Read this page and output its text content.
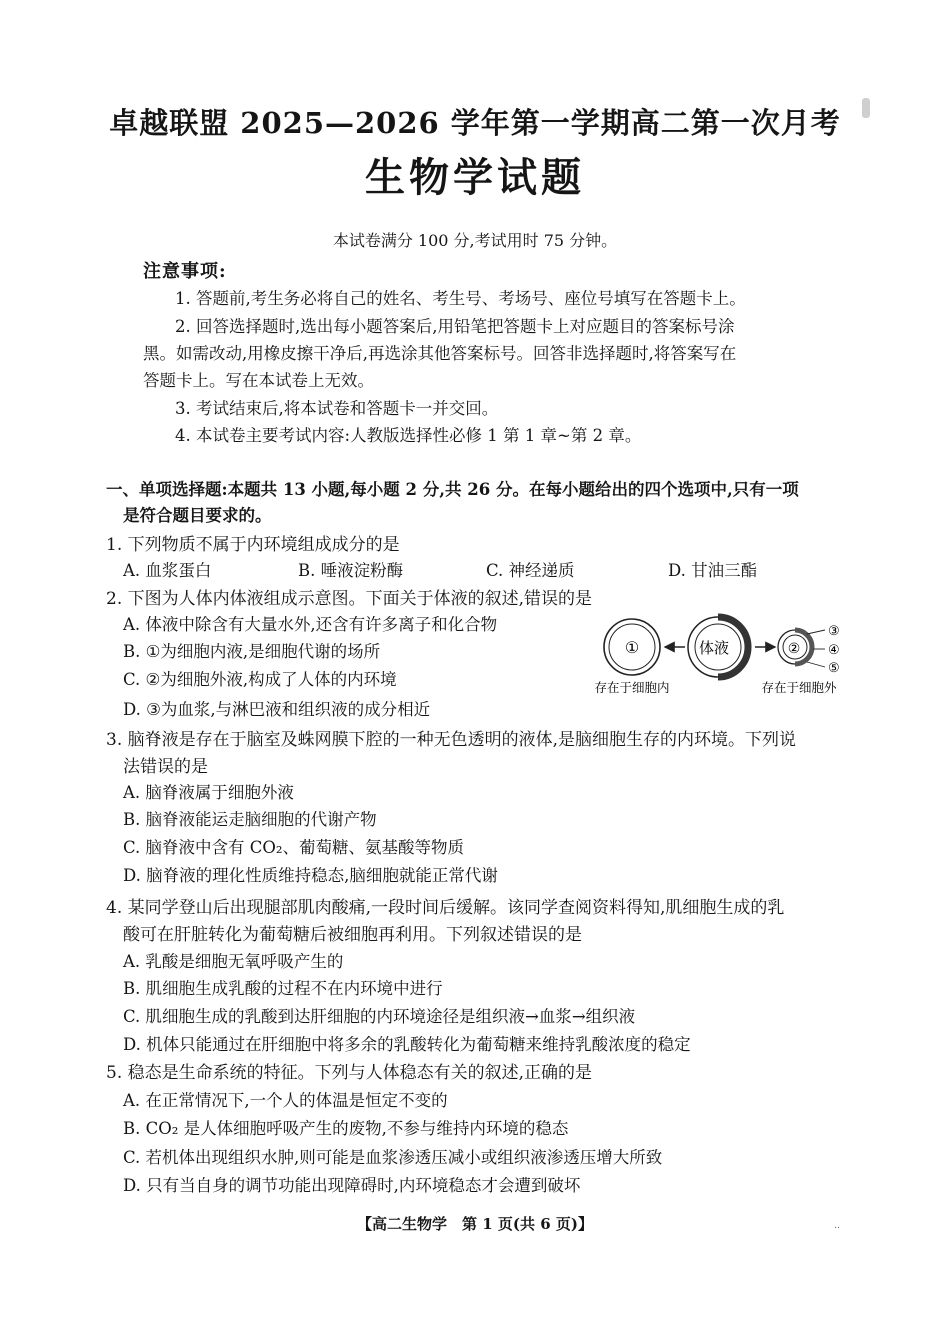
卓越联盟 2025—2026 学年第一学期高二第一次月考
生物学试题
本试卷满分 100 分,考试用时 75 分钟。
注意事项:
1. 答题前,考生务必将自己的姓名、考生号、考场号、座位号填写在答题卡上。
2. 回答选择题时,选出每小题答案后,用铅笔把答题卡上对应题目的答案标号涂
黑。如需改动,用橡皮擦干净后,再选涂其他答案标号。回答非选择题时,将答案写在
答题卡上。写在本试卷上无效。
3. 考试结束后,将本试卷和答题卡一并交回。
4. 本试卷主要考试内容:人教版选择性必修 1 第 1 章~第 2 章。
一、单项选择题:本题共 13 小题,每小题 2 分,共 26 分。在每小题给出的四个选项中,只有一项
是符合题目要求的。
1. 下列物质不属于内环境组成成分的是
A. 血浆蛋白	B. 唾液淀粉酶	C. 神经递质	D. 甘油三酯
2. 下图为人体内体液组成示意图。下面关于体液的叙述,错误的是
A. 体液中除含有大量水外,还含有许多离子和化合物
B. ①为细胞内液,是细胞代谢的场所
C. ②为细胞外液,构成了人体的内环境
D. ③为血浆,与淋巴液和组织液的成分相近
①	体液	②
③
④
⑤
存在于细胞内	存在于细胞外
3. 脑脊液是存在于脑室及蛛网膜下腔的一种无色透明的液体,是脑细胞生存的内环境。下列说
法错误的是
A. 脑脊液属于细胞外液
B. 脑脊液能运走脑细胞的代谢产物
C. 脑脊液中含有 CO₂、葡萄糖、氨基酸等物质
D. 脑脊液的理化性质维持稳态,脑细胞就能正常代谢
4. 某同学登山后出现腿部肌肉酸痛,一段时间后缓解。该同学查阅资料得知,肌细胞生成的乳
酸可在肝脏转化为葡萄糖后被细胞再利用。下列叙述错误的是
A. 乳酸是细胞无氧呼吸产生的
B. 肌细胞生成乳酸的过程不在内环境中进行
C. 肌细胞生成的乳酸到达肝细胞的内环境途径是组织液→血浆→组织液
D. 机体只能通过在肝细胞中将多余的乳酸转化为葡萄糖来维持乳酸浓度的稳定
5. 稳态是生命系统的特征。下列与人体稳态有关的叙述,正确的是
A. 在正常情况下,一个人的体温是恒定不变的
B. CO₂ 是人体细胞呼吸产生的废物,不参与维持内环境的稳态
C. 若机体出现组织水肿,则可能是血浆渗透压减小或组织液渗透压增大所致
D. 只有当自身的调节功能出现障碍时,内环境稳态才会遭到破坏
【高二生物学　第 1 页(共 6 页)】	‥
